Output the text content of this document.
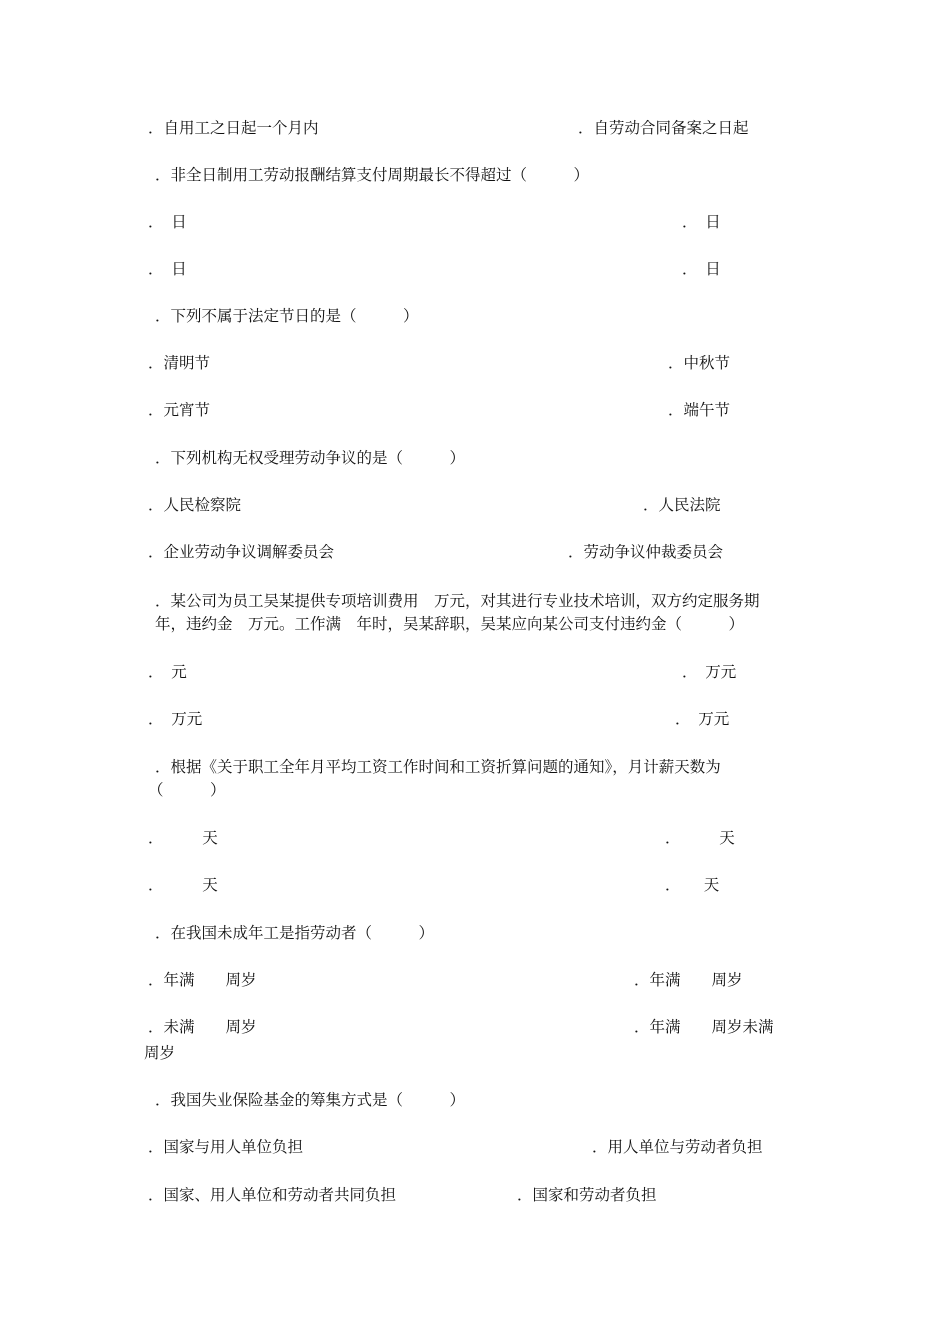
．自用工之日起一个月内	．自劳动合同备案之日起
．非全日制用工劳动报酬结算支付周期最长不得超过（　　　）
．　日	．　日
．　日	．　日
．下列不属于法定节日的是（　　　）
．清明节	．中秋节
．元宵节	．端午节
．下列机构无权受理劳动争议的是（　　　）
．人民检察院	．人民法院
．企业劳动争议调解委员会	．劳动争议仲裁委员会
．某公司为员工吴某提供专项培训费用　万元，对其进行专业技术培训，双方约定服务期
年，违约金　万元。工作满　年时，吴某辞职，吴某应向某公司支付违约金（　　　）
．　元	．　万元
．　万元	．　万元
．根据《关于职工全年月平均工资工作时间和工资折算问题的通知》，月计薪天数为
（　　　）
．　　　天	．　　　天
．　　　天	．　　天
．在我国未成年工是指劳动者（　　　）
．年满　　周岁	．年满　　周岁
．未满　　周岁	．年满　　周岁未满
周岁
．我国失业保险基金的筹集方式是（　　　）
．国家与用人单位负担	．用人单位与劳动者负担
．国家、用人单位和劳动者共同负担	．国家和劳动者负担
